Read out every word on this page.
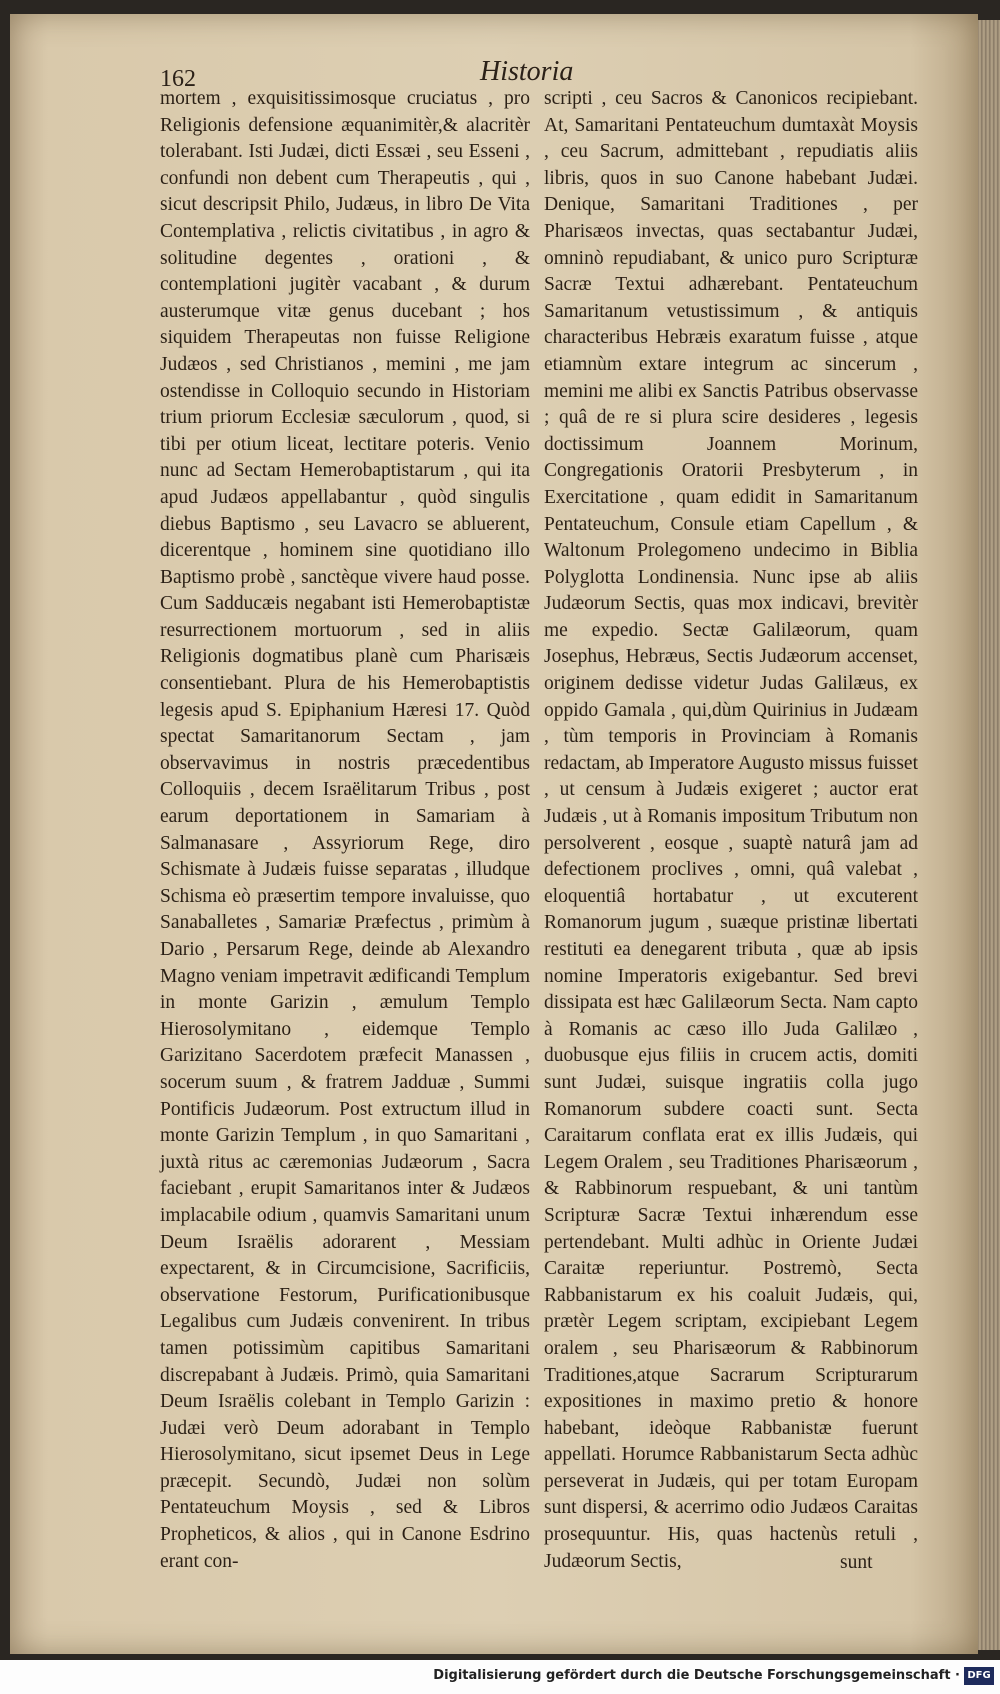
162	Historia

mortem , exquisitissimosque cruciatus , pro Religionis defensione æquanimitèr,& alacritèr tolerabant. Isti Judæi, dicti Essæi , seu Esseni , confundi non debent cum Therapeutis , qui , sicut descripsit Philo, Judæus, in libro De Vita Contemplativa , relictis civitatibus , in agro & solitudine degentes , orationi , & contemplationi jugitèr vacabant , & durum austerumque vitæ genus ducebant ; hos siquidem Therapeutas non fuisse Religione Judæos , sed Christianos , memini , me jam ostendisse in Colloquio secundo in Historiam trium priorum Ecclesiæ sæculorum , quod, si tibi per otium liceat, lectitare poteris. Venio nunc ad Sectam Hemerobaptistarum , qui ita apud Judæos appellabantur , quòd singulis diebus Baptismo , seu Lavacro se abluerent, dicerentque , hominem sine quotidiano illo Baptismo probè , sanctèque vivere haud posse. Cum Sadducæis negabant isti Hemerobaptistæ resurrectionem mortuorum , sed in aliis Religionis dogmatibus planè cum Pharisæis consentiebant. Plura de his Hemerobaptistis legesis apud S. Epiphanium Hæresi 17. Quòd spectat Samaritanorum Sectam , jam observavimus in nostris præcedentibus Colloquiis , decem Israëlitarum Tribus , post earum deportationem in Samariam à Salmanasare , Assyriorum Rege, diro Schismate à Judæis fuisse separatas , illudque Schisma eò præsertim tempore invaluisse, quo Sanaballetes , Samariæ Præfectus , primùm à Dario , Persarum Rege, deinde ab Alexandro Magno veniam impetravit ædificandi Templum in monte Garizin , æmulum Templo Hierosolymitano , eidemque Templo Garizitano Sacerdotem præfecit Manassen , socerum suum , & fratrem Jadduæ , Summi Pontificis Judæorum. Post extructum illud in monte Garizin Templum , in quo Samaritani , juxtà ritus ac cæremonias Judæorum , Sacra faciebant , erupit Samaritanos inter & Judæos implacabile odium , quamvis Samaritani unum Deum Israëlis adorarent , Messiam expectarent, & in Circumcisione, Sacrificiis, observatione Festorum, Purificationibusque Legalibus cum Judæis convenirent. In tribus tamen potissimùm capitibus Samaritani discrepabant à Judæis. Primò, quia Samaritani Deum Israëlis colebant in Templo Garizin : Judæi verò Deum adorabant in Templo Hierosolymitano, sicut ipsemet Deus in Lege præcepit. Secundò, Judæi non solùm Pentateuchum Moysis , sed & Libros Propheticos, & alios , qui in Canone Esdrino erant con-

scripti , ceu Sacros & Canonicos recipiebant. At, Samaritani Pentateuchum dumtaxàt Moysis , ceu Sacrum, admittebant , repudiatis aliis libris, quos in suo Canone habebant Judæi. Denique, Samaritani Traditiones , per Pharisæos invectas, quas sectabantur Judæi, omninò repudiabant, & unico puro Scripturæ Sacræ Textui adhærebant. Pentateuchum Samaritanum vetustissimum , & antiquis characteribus Hebræis exaratum fuisse , atque etiamnùm extare integrum ac sincerum , memini me alibi ex Sanctis Patribus observasse ; quâ de re si plura scire desideres , legesis doctissimum Joannem Morinum, Congregationis Oratorii Presbyterum , in Exercitatione , quam edidit in Samaritanum Pentateuchum, Consule etiam Capellum , & Waltonum Prolegomeno undecimo in Biblia Polyglotta Londinensia. Nunc ipse ab aliis Judæorum Sectis, quas mox indicavi, brevitèr me expedio. Sectæ Galilæorum, quam Josephus, Hebræus, Sectis Judæorum accenset, originem dedisse videtur Judas Galilæus, ex oppido Gamala , qui,dùm Quirinius in Judæam , tùm temporis in Provinciam à Romanis redactam, ab Imperatore Augusto missus fuisset , ut censum à Judæis exigeret ; auctor erat Judæis , ut à Romanis impositum Tributum non persolverent , eosque , suaptè naturâ jam ad defectionem proclives , omni, quâ valebat , eloquentiâ hortabatur , ut excuterent Romanorum jugum , suæque pristinæ libertati restituti ea denegarent tributa , quæ ab ipsis nomine Imperatoris exigebantur. Sed brevi dissipata est hæc Galilæorum Secta. Nam capto à Romanis ac cæso illo Juda Galilæo , duobusque ejus filiis in crucem actis, domiti sunt Judæi, suisque ingratiis colla jugo Romanorum subdere coacti sunt. Secta Caraitarum conflata erat ex illis Judæis, qui Legem Oralem , seu Traditiones Pharisæorum , & Rabbinorum respuebant, & uni tantùm Scripturæ Sacræ Textui inhærendum esse pertendebant. Multi adhùc in Oriente Judæi Caraitæ reperiuntur. Postremò, Secta Rabbanistarum ex his coaluit Judæis, qui, prætèr Legem scriptam, excipiebant Legem oralem , seu Pharisæorum & Rabbinorum Traditiones,atque Sacrarum Scripturarum expositiones in maximo pretio & honore habebant, ideòque Rabbanistæ fuerunt appellati. Horumce Rabbanistarum Secta adhùc perseverat in Judæis, qui per totam Europam sunt dispersi, & acerrimo odio Judæos Caraitas prosequuntur. His, quas hactenùs retuli , Judæorum Sectis,	sunt
Digitalisierung gefördert durch die Deutsche Forschungsgemeinschaft · DFG
